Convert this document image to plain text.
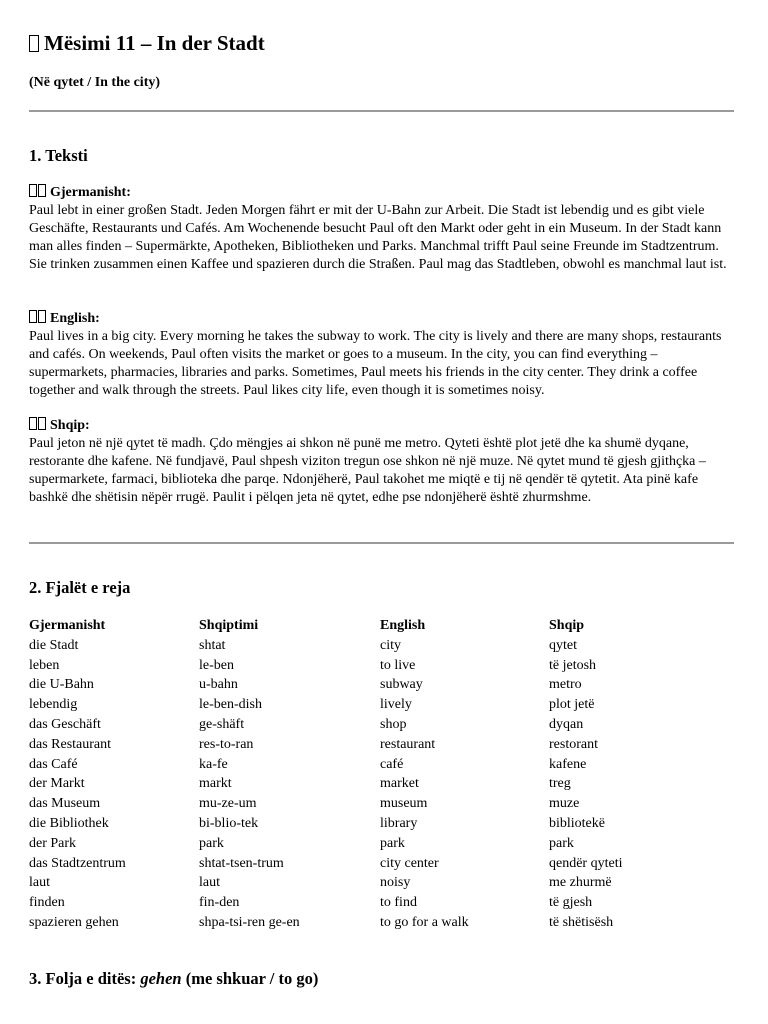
Mësimi 11 – In der Stadt

(Në qytet / In the city)

1. Teksti
Gjermanisht:

Paul lebt in einer großen Stadt. Jeden Morgen fährt er mit der U-Bahn zur Arbeit. Die Stadt ist lebendig und es gibt viele Geschäfte, Restaurants und Cafés. Am Wochenende besucht Paul oft den Markt oder geht in ein Museum. In der Stadt kann man alles finden – Supermärkte, Apotheken, Bibliotheken und Parks. Manchmal trifft Paul seine Freunde im Stadtzentrum. Sie trinken zusammen einen Kaffee und spazieren durch die Straßen. Paul mag das Stadtleben, obwohl es manchmal laut ist.

English:

Paul lives in a big city. Every morning he takes the subway to work. The city is lively and there are many shops, restaurants and cafés. On weekends, Paul often visits the market or goes to a museum. In the city, you can find everything – supermarkets, pharmacies, libraries and parks. Sometimes, Paul meets his friends in the city center. They drink a coffee together and walk through the streets. Paul likes city life, even though it is sometimes noisy.

Shqip:

Paul jeton në një qytet të madh. Çdo mëngjes ai shkon në punë me metro. Qyteti është plot jetë dhe ka shumë dyqane, restorante dhe kafene. Në fundjavë, Paul shpesh viziton tregun ose shkon në një muze. Në qytet mund të gjesh gjithçka – supermarkete, farmaci, biblioteka dhe parqe. Ndonjëherë, Paul takohet me miqtë e tij në qendër të qytetit. Ata pinë kafe bashkë dhe shëtisin nëpër rrugë. Paulit i pëlqen jeta në qytet, edhe pse ndonjëherë është zhurmshme.

2. Fjalët e reja
Gjermanisht	Shqiptimi	English	Shqip
die Stadt	shtat	city	qytet
leben	le-ben	to live	të jetosh
die U-Bahn	u-bahn	subway	metro
lebendig	le-ben-dish	lively	plot jetë
das Geschäft	ge-shäft	shop	dyqan
das Restaurant	res-to-ran	restaurant	restorant
das Café	ka-fe	café	kafene
der Markt	markt	market	treg
das Museum	mu-ze-um	museum	muze
die Bibliothek	bi-blio-tek	library	bibliotekë
der Park	park	park	park
das Stadtzentrum	shtat-tsen-trum	city center	qendër qyteti
laut	laut	noisy	me zhurmë
finden	fin-den	to find	të gjesh
spazieren gehen	shpa-tsi-ren ge-en	to go for a walk	të shëtisësh
3. Folja e ditës: gehen (me shkuar / to go)
